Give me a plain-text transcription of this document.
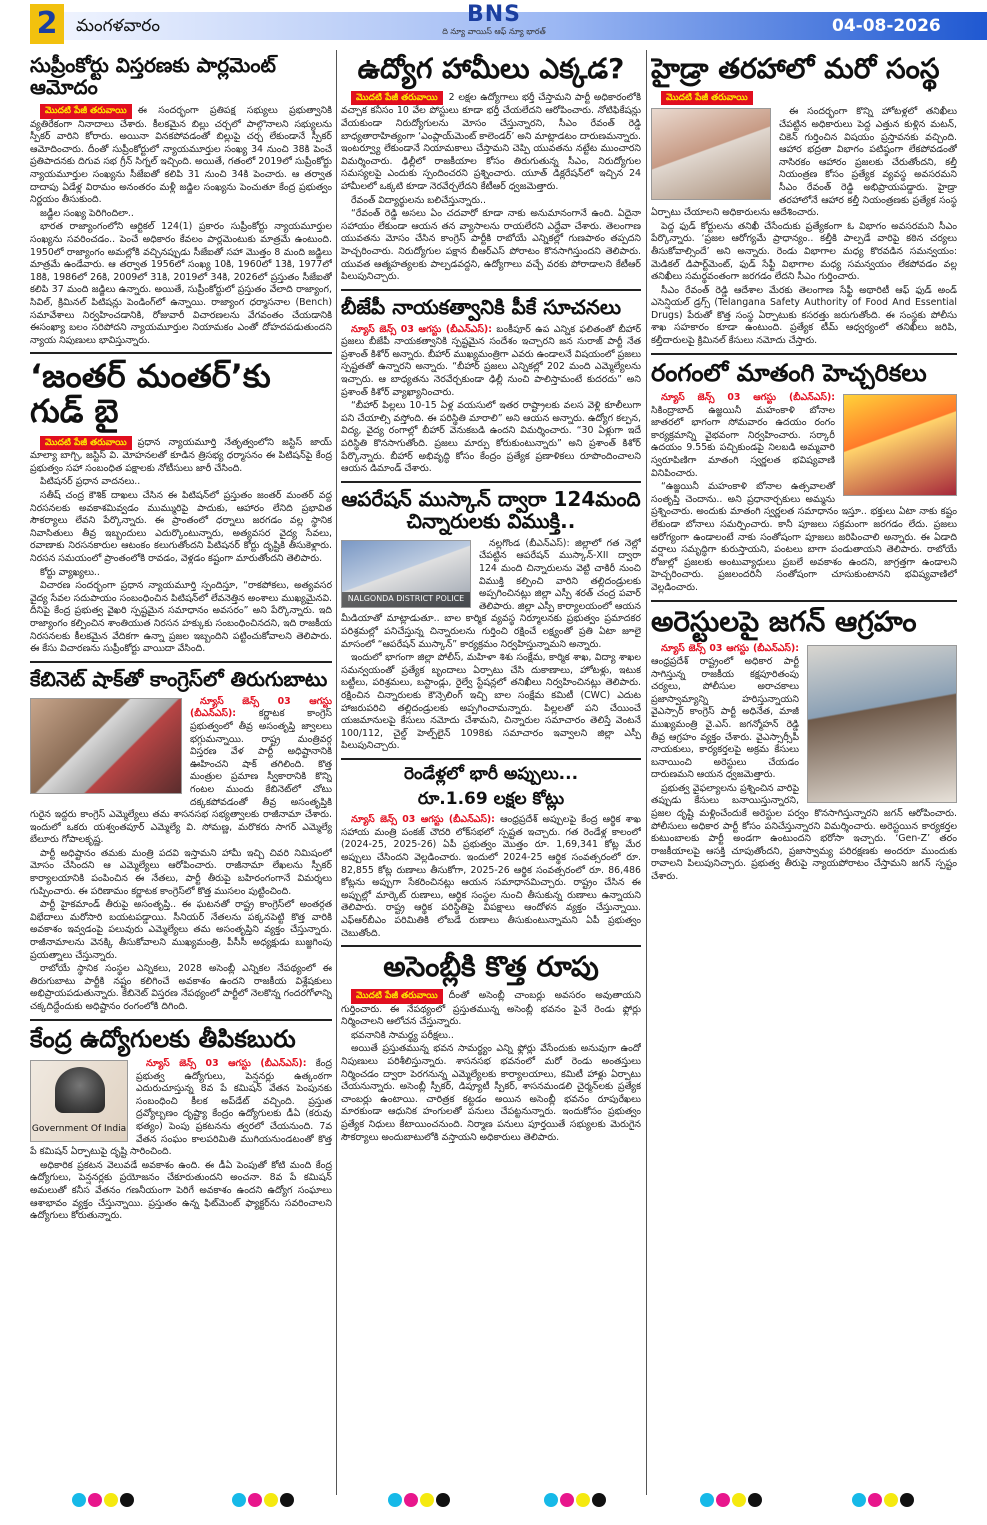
2	మంగళవారం	BNS
ది న్యూ వాయిస్ ఆఫ్ న్యూ భారత్	04-08-2026
సుప్రీంకోర్టు విస్తరణకు పార్లమెంట్ ఆమోదం

మొదటి పేజీ తరువాయి ఈ సందర్భంగా ప్రతిపక్ష సభ్యులు ప్రభుత్వానికి వ్యతిరేకంగా నినాదాలు చేశారు. కీలకమైన బిల్లు చర్చలో పాల్గొనాలని సభ్యులను స్పీకర్ వారిని కోరారు. అయినా వినకపోవడంతో బిల్లుపై చర్చ లేకుండానే స్పీకర్ ఆమోదించారు. దీంతో సుప్రీంకోర్టులో న్యాయమూర్తుల సంఖ్య 34 నుంచి 38కి పెంచే ప్రతిపాదనకు దిగువ సభ గ్రీన్ సిగ్నల్ ఇచ్చింది. అయితే, గతంలో 2019లో సుప్రీంకోర్టు న్యాయమూర్తుల సంఖ్యను సీజేఐతో కలిపి 31 నుంచి 34కి పెంచారు. ఆ తర్వాత దాదాపు ఏడేళ్ల విరామం అనంతరం మళ్లీ జడ్జిల సంఖ్యను పెంచుతూ కేంద్ర ప్రభుత్వం నిర్ణయం తీసుకుంది.

జడ్జీల సంఖ్య పెరిగిందిలా..

భారత రాజ్యాంగంలోని ఆర్టికల్ 124(1) ప్రకారం సుప్రీంకోర్టు న్యాయమూర్తుల సంఖ్యను సవరించడం.. పెంచే అధికారం కేవలం పార్లమెంటుకు మాత్రమే ఉంటుంది. 1950లో రాజ్యాంగం అమల్లోకి వచ్చినప్పుడు సీజేఐతో సహా మొత్తం 8 మంది జడ్జిలు మాత్రమే ఉండేవారు. ఆ తర్వాత 1956లో సంఖ్య 10కి, 1960లో 13కి, 1977లో 18కి, 1986లో 26కి, 2009లో 31కి, 2019లో 34కి, 2026లో ప్రస్తుతం సీజేఐతో కలిపి 37 మంది జడ్జిలు ఉన్నారు. అయితే, సుప్రీంకోర్టులో ప్రస్తుతం వేలాది రాజ్యాంగ, సివిల్, క్రిమినల్ పిటిషన్లు పెండింగ్‌లో ఉన్నాయి. రాజ్యాంగ ధర్మాసనాల (Bench) సమావేశాలు నిర్వహించడానికి, రోజువారీ విచారణలను వేగవంతం చేయడానికి ఈసంఖ్యా బలం సరిపోదని న్యాయమూర్తుల నియామకం ఎంతో దోహదపడుతుందని న్యాయ నిపుణులు భావిస్తున్నారు.

‘జంతర్ మంతర్’కు గుడ్ బై

మొదటి పేజీ తరువాయి ప్రధాన న్యాయమూర్తి నేతృత్వంలోని జస్టిస్ జాయ్ మాల్యా బాగ్చి, జస్టిస్ వి. మోహనలతో కూడిన త్రిసభ్య ధర్మాసనం ఈ పిటిషన్‌పై కేంద్ర ప్రభుత్వం సహా సంబంధిత పక్షాలకు నోటీసులు జారీ చేసింది.

పిటిషనర్ ప్రధాన వాదనలు..

సతీష్ చంద్ర కౌశిక్ దాఖలు చేసిన ఈ పిటిషన్‌లో ప్రస్తుతం జంతర్ మంతర్ వద్ద నిరసనలకు అవకాశమివ్వడం ముమ్మురిపై పాదుకు, ఆహారం లేనిది ప్రభావిత సౌకర్యాలు లేవని పేర్కొన్నారు. ఈ ప్రాంతంలో ధర్నాలు జరగడం వల్ల స్థానిక నివాసితులు తీవ్ర ఇబ్బందులు ఎదుర్కొంటున్నారు, అత్యవసర వైద్య సేవలు, రవాణాకు నిరసనకారుల ఆటంకం కలుగుతోందని పిటిషనర్ కోర్టు దృష్టికి తీసుకెళ్లారు. నిరసన సమయంలో ప్రాంతంలోకి రావడం, వెళ్లడం కష్టంగా మారుతోందని తెలిపారు.

కోర్టు వ్యాఖ్యలు..

విచారణ సందర్భంగా ప్రధాన న్యాయమూర్తి స్పందిస్తూ, “రాకపోకలు, అత్యవసర వైద్య సేవల సదుపాయం సంబంధించిన పిటిషన్‌లో లేవనెత్తిన అంశాలు ముఖ్యమైనవి. దీనిపై కేంద్ర ప్రభుత్వ వైఖరి స్పష్టమైన సమాధానం అవసరం” అని పేర్కొన్నారు. ఇది రాజ్యాంగం కల్పించిన శాంతియుత నిరసన హక్కుకు సంబంధించినదని, ఇది రాజకీయ నిరసనలకు కీలకమైన వేదికగా ఉన్నా ప్రజల ఇబ్బందిని పట్టించుకోవాలని తెలిపారు. ఈ కేసు విచారణను సుప్రీంకోర్టు వాయిదా వేసింది.

కేబినెట్ షాక్‌తో కాంగ్రెస్‌లో తిరుగుబాటు

న్యూస్ జెన్స్ 03 ఆగస్టు (బీఎన్ఎస్): కర్ణాటక కాంగ్రెస్ ప్రభుత్వంలో తీవ్ర అసంతృప్తి జ్వాలలు భగ్గుమన్నాయి. రాష్ట్ర మంత్రివర్గ విస్తరణ వేళ పార్టీ అధిష్టానానికి ఊహించని షాక్ తగిలింది. కొత్త మంత్రుల ప్రమాణ స్వీకారానికి కొన్ని గంటల ముందు కేబినెట్‌లో చోటు దక్కకపోవడంతో తీవ్ర అసంతృప్తికి గురైన ఇద్దరు కాంగ్రెస్ ఎమ్మెల్యేలు తమ శాసనసభ సభ్యత్వాలకు రాజీనామా చేశారు. ఇందులో ఒకరు యశ్వంతపూర్ ఎమ్మెల్యే వి. సోమణ్ణ, మరొకరు సాగర్ ఎమ్మెల్యే బేలూరు గోపాలకృష్ణ.

పార్టీ అధిష్టానం తమకు మంత్రి పదవి ఇస్తామని హామీ ఇచ్చి చివరి నిమిషంలో మోసం చేసిందని ఆ ఎమ్మెల్యేలు ఆరోపించారు. రాజీనామా లేఖలను స్పీకర్ కార్యాలయానికి పంపించిన ఈ నేతలు, పార్టీ తీరుపై బహిరంగంగానే విమర్శలు గుప్పించారు. ఈ పరిణామం కర్ణాటక కాంగ్రెస్‌లో కొత్త ముసలం పుట్టించింది.

పార్టీ హైకమాండ్ తీరుపై అసంతృప్తి.. ఈ ఘటనతో రాష్ట్ర కాంగ్రెస్‌లో అంతర్గత విభేదాలు మరోసారి బయటపడ్డాయి. సీనియర్ నేతలను పక్కనపెట్టి కొత్త వారికి అవకాశం ఇవ్వడంపై పలువురు ఎమ్మెల్యేలు తమ అసంతృప్తిని వ్యక్తం చేస్తున్నారు. రాజీనామాలను వెనక్కి తీసుకోవాలని ముఖ్యమంత్రి, పీసీసీ అధ్యక్షుడు బుజ్జగింపు ప్రయత్నాలు చేస్తున్నారు.

రాబోయే స్థానిక సంస్థల ఎన్నికలు, 2028 అసెంబ్లీ ఎన్నికల నేపథ్యంలో ఈ తిరుగుబాటు పార్టీకి నష్టం కలిగించే అవకాశం ఉందని రాజకీయ విశ్లేషకులు అభిప్రాయపడుతున్నారు. కేబినెట్ విస్తరణ నేపథ్యంలో పార్టీలో నెలకొన్న గందరగోళాన్ని చక్కదిద్దేందుకు అధిష్టానం రంగంలోకి దిగింది.

కేంద్ర ఉద్యోగులకు తీపికబురు
Government Of India

న్యూస్ జెన్స్ 03 ఆగస్టు (బీఎన్ఎస్): కేంద్ర ప్రభుత్వ ఉద్యోగులు, పెన్షనర్లు ఉత్కంఠగా ఎదురుచూస్తున్న 8వ పే కమిషన్ వేతన పెంపునకు సంబంధించి కీలక అప్‌డేట్ వచ్చింది. ప్రస్తుత ద్రవ్యోల్బణం దృష్ట్యా కేంద్రం ఉద్యోగులకు డీఏ (కరువు భత్యం) పెంపు ప్రకటనను త్వరలో చేయనుంది. 7వ వేతన సంఘం కాలపరిమితి ముగియనుండటంతో కొత్త పే కమిషన్ ఏర్పాటుపై దృష్టి సారించింది.

అధికారిక ప్రకటన వెలువడే అవకాశం ఉంది. ఈ డీఏ పెంపుతో కోటి మంది కేంద్ర ఉద్యోగులు, పెన్షనర్లకు ప్రయోజనం చేకూరుతుందని అంచనా. 8వ పే కమిషన్ అమలుతో కనీస వేతనం గణనీయంగా పెరిగే అవకాశం ఉందని ఉద్యోగ సంఘాలు ఆశాభావం వ్యక్తం చేస్తున్నాయి. ప్రస్తుతం ఉన్న ఫిట్‌మెంట్ ఫ్యాక్టర్‌ను సవరించాలని ఉద్యోగులు కోరుతున్నారు.

ఉద్యోగ హామీలు ఎక్కడ?

మొదటి పేజీ తరువాయి 2 లక్షల ఉద్యోగాలు భర్తీ చేస్తామని పార్టీ అధికారంలోకి వచ్చాక కనీసం 10 వేల పోస్టులు కూడా భర్తీ చేయలేదని ఆరోపించారు. నోటిఫికేషన్లు వేయకుండా నిరుద్యోగులను మోసం చేస్తున్నారని, సీఎం రేవంత్ రెడ్డి బాధ్యతారాహిత్యంగా ‘ఎంప్లాయ్‌మెంట్ కాలెండర్’ అని మాట్లాడటం దారుణమన్నారు. ఇంటర్వ్యూ లేకుండానే నియామకాలు చేస్తామని చెప్పి యువతను నట్టేట ముంచారని విమర్శించారు. ఢిల్లీలో రాజకీయాల కోసం తిరుగుతున్న సీఎం, నిరుద్యోగుల సమస్యలపై ఎందుకు స్పందించరని ప్రశ్నించారు. యూత్ డిక్లరేషన్‌లో ఇచ్చిన 24 హామీలలో ఒక్కటి కూడా నెరవేర్చలేదని కేటీఆర్ ధ్వజమెత్తారు.

రేవంత్ విద్యార్థులను బలిచేస్తున్నారు..

“రేవంత్ రెడ్డి అసలు ఏం చదవారో కూడా నాకు అనుమానంగానే ఉంది. ఏదైనా సహాయం లేకుండా ఆయన తన వ్యాసాలను రాయలేరని ఎద్దేవా చేశారు. తెలంగాణ యువతను మోసం చేసిన కాంగ్రెస్ పార్టీకి రాబోయే ఎన్నికల్లో గుణపాఠం తప్పదని హెచ్చరించారు. నిరుద్యోగుల పక్షాన బీఆర్ఎస్ పోరాటం కొనసాగిస్తుందని తెలిపారు. యువత ఆత్మహత్యలకు పాల్పడవద్దని, ఉద్యోగాలు వచ్చే వరకు పోరాడాలని కేటీఆర్ పిలుపునిచ్చారు.

బీజేపీ నాయకత్వానికి పీకే సూచనలు

న్యూస్ జెన్స్ 03 ఆగస్టు (బీఎన్ఎస్): బంకీపూర్ ఉప ఎన్నిక ఫలితంతో బీహార్ ప్రజలు బీజేపీ నాయకత్వానికి స్పష్టమైన సందేశం ఇచ్చారని జన సురాజ్ పార్టీ నేత ప్రశాంత్ కిశోర్ అన్నారు. బీహార్ ముఖ్యమంత్రిగా ఎవరు ఉండాలనే విషయంలో ప్రజలు స్పష్టతతో ఉన్నారని అన్నారు. “బీహార్ ప్రజలు ఎన్నికల్లో 202 మంది ఎమ్మెల్యేలను ఇచ్చారు. ఆ బాధ్యతను నెరవేర్చకుండా ఢిల్లీ నుంచి పాలిస్తామంటే కుదరదు” అని ప్రశాంత్ కిశోర్ వ్యాఖ్యానించారు.

“బీహార్ పిల్లలు 10-15 ఏళ్ల వయసులో ఇతర రాష్ట్రాలకు వలస వెళ్లి కూలీలుగా పని చేయాల్సి వస్తోంది. ఈ పరిస్థితి మారాలి” అని ఆయన అన్నారు. ఉద్యోగ కల్పన, విద్య, వైద్య రంగాల్లో బీహార్ వెనుకబడి ఉందని విమర్శించారు. “30 ఏళ్లుగా ఇదే పరిస్థితి కొనసాగుతోంది. ప్రజలు మార్పు కోరుకుంటున్నారు” అని ప్రశాంత్ కిశోర్ పేర్కొన్నారు. బీహార్ అభివృద్ధి కోసం కేంద్రం ప్రత్యేక ప్రణాళికలు రూపొందించాలని ఆయన డిమాండ్ చేశారు.

ఆపరేషన్ ముస్కాన్ ద్వారా 124మంది చిన్నారులకు విముక్తి..
NALGONDA DISTRICT POLICE

నల్లగొండ (బీఎన్ఎస్): జిల్లాలో గత నెల్లో చేపట్టిన ఆపరేషన్ ముస్కాన్-XII ద్వారా 124 మంది చిన్నారులను వెట్టి చాకిరీ నుంచి విముక్తి కల్పించి వారిని తల్లిదండ్రులకు అప్పగించినట్లు జిల్లా ఎస్పీ శరత్ చంద్ర పవార్ తెలిపారు. జిల్లా ఎస్పీ కార్యాలయంలో ఆయన మీడియాతో మాట్లాడుతూ.. బాల కార్మిక వ్యవస్థ నిర్మూలనకు ప్రభుత్వం ప్రమాదకర పరిశ్రమల్లో పనిచేస్తున్న చిన్నారులను గుర్తించి రక్షించే లక్ష్యంతో ప్రతి ఏటా జూలై మాసంలో “ఆపరేషన్ ముస్కాన్” కార్యక్రమం నిర్వహిస్తున్నామని అన్నారు.

ఇందులో భాగంగా జిల్లా పోలీస్, మహిళా శిశు సంక్షేమ, కార్మిక శాఖ, విద్యా శాఖల సమన్వయంతో ప్రత్యేక బృందాలు ఏర్పాటు చేసి దుకాణాలు, హోటళ్లు, ఇటుక బట్టీలు, పరిశ్రమలు, బస్టాండ్లు, రైల్వే స్టేషన్లలో తనిఖీలు నిర్వహించినట్లు తెలిపారు. రక్షించిన చిన్నారులకు కౌన్సెలింగ్ ఇచ్చి బాల సంక్షేమ కమిటీ (CWC) ఎదుట హాజరుపరిచి తల్లిదండ్రులకు అప్పగించామన్నారు. పిల్లలతో పని చేయించే యజమానులపై కేసులు నమోదు చేశామని, చిన్నారుల సమాచారం తెలిస్తే వెంటనే 100/112, చైల్డ్ హెల్ప్‌లైన్ 1098కు సమాచారం ఇవ్వాలని జిల్లా ఎస్పీ పిలుపునిచ్చారు.

రెండేళ్లలో భారీ అప్పులు...
రూ.1.69 లక్షల కోట్లు

న్యూస్ జెన్స్ 03 ఆగస్టు (బీఎన్ఎస్): ఆంధ్రప్రదేశ్ అప్పులపై కేంద్ర ఆర్థిక శాఖ సహాయ మంత్రి పంకజ్ చౌదరి లోక్‌సభలో స్పష్టత ఇచ్చారు. గత రెండేళ్ల కాలంలో (2024-25, 2025-26) ఏపీ ప్రభుత్వం మొత్తం రూ. 1,69,341 కోట్ల మేర అప్పులు చేసిందని వెల్లడించారు. ఇందులో 2024-25 ఆర్థిక సంవత్సరంలో రూ. 82,855 కోట్ల రుణాలు తీసుకోగా, 2025-26 ఆర్థిక సంవత్సరంలో రూ. 86,486 కోట్లను అప్పుగా సేకరించినట్లు ఆయన సమాధానమిచ్చారు. రాష్ట్రం చేసిన ఈ అప్పుల్లో మార్కెట్ రుణాలు, ఆర్థిక సంస్థల నుంచి తీసుకున్న రుణాలు ఉన్నాయని తెలిపారు. రాష్ట్ర ఆర్థిక పరిస్థితిపై విపక్షాలు ఆందోళన వ్యక్తం చేస్తున్నాయి. ఎఫ్‌ఆర్‌బీఎం పరిమితికి లోబడే రుణాలు తీసుకుంటున్నామని ఏపీ ప్రభుత్వం చెబుతోంది.

అసెంబ్లీకి కొత్త రూపు

మొదటి పేజీ తరువాయి దీంతో అసెంబ్లీ చాంబర్లు అవసరం అవుతాయని గుర్తించారు. ఈ నేపథ్యంలో ప్రస్తుతమున్న అసెంబ్లీ భవనం పైనే రెండు ఫ్లోర్లు నిర్మించాలని ఆలోచన చేస్తున్నారు.

భవనానికి సామర్థ్య పరీక్షలు..

అయితే ప్రస్తుతమున్న భవన సామర్థ్యం ఎన్ని ఫ్లోర్లు వేసేందుకు అనువుగా ఉందో నిపుణులు పరిశీలిస్తున్నారు. శాసనసభ భవనంలో మరో రెండు అంతస్తులు నిర్మించడం ద్వారా పెరగనున్న ఎమ్మెల్యేలకు కార్యాలయాలు, కమిటీ హాళ్లు ఏర్పాటు చేయనున్నారు. అసెంబ్లీ స్పీకర్, డిప్యూటీ స్పీకర్, శాసనమండలి చైర్మన్‌లకు ప్రత్యేక చాంబర్లు ఉంటాయి. చారిత్రక కట్టడం అయిన అసెంబ్లీ భవనం రూపురేఖలు మారకుండా ఆధునిక హంగులతో పనులు చేపట్టనున్నారు. ఇందుకోసం ప్రభుత్వం ప్రత్యేక నిధులు కేటాయించనుంది. నిర్మాణ పనులు పూర్తయితే సభ్యులకు మెరుగైన సౌకర్యాలు అందుబాటులోకి వస్తాయని అధికారులు తెలిపారు.

హైడ్రా తరహాలో మరో సంస్థ

మొదటి పేజీ తరువాయి

ఈ సందర్భంగా కొన్ని హోటళ్లలో తనిఖీలు చేపట్టిన అధికారులు పెద్ద ఎత్తున కుళ్లిన మటన్, చికెన్ గుర్తించిన విషయం ప్రస్తావనకు వచ్చింది. ఆహార భద్రతా విభాగం పటిష్ఠంగా లేకపోవడంతో నాసిరకం ఆహారం ప్రజలకు చేరుతోందని, కల్తీ నియంత్రణ కోసం ప్రత్యేక వ్యవస్థ అవసరమని సీఎం రేవంత్ రెడ్డి అభిప్రాయపడ్డారు. హైడ్రా తరహాలోనే ఆహార కల్తీ నియంత్రణకు ప్రత్యేక సంస్థ ఏర్పాటు చేయాలని అధికారులను ఆదేశించారు.

పెద్ద ఫుడ్ కోర్టులను తనిఖీ చేసేందుకు ప్రత్యేకంగా ఓ విభాగం అవసరమని సీఎం పేర్కొన్నారు. ‘ప్రజల ఆరోగ్యమే ప్రాధాన్యం.. కల్తీకి పాల్పడే వారిపై కఠిన చర్యలు తీసుకోవాల్సిందే’ అని అన్నారు. రెండు విభాగాల మధ్య కొరవడిన సమన్వయం: మెడికల్ డిపార్ట్‌మెంట్, ఫుడ్ సేఫ్టీ విభాగాల మధ్య సమన్వయం లేకపోవడం వల్ల తనిఖీలు సమర్థవంతంగా జరగడం లేదని సీఎం గుర్తించారు.

సీఎం రేవంత్ రెడ్డి ఆదేశాల మేరకు తెలంగాణ సేఫ్టీ అథారిటీ ఆఫ్ ఫుడ్ అండ్ ఎసెన్షియల్ డ్రగ్స్ (Telangana Safety Authority of Food And Essential Drugs) పేరుతో కొత్త సంస్థ ఏర్పాటుకు కసరత్తు జరుగుతోంది. ఈ సంస్థకు పోలీసు శాఖ సహకారం కూడా ఉంటుంది. ప్రత్యేక టీమ్ ఆధ్వర్యంలో తనిఖీలు జరిపి, కల్తీదారులపై క్రిమినల్ కేసులు నమోదు చేస్తారు.

రంగంలో మాతంగి హెచ్చరికలు

న్యూస్ జెన్స్ 03 ఆగస్టు (బీఎన్ఎస్): సికింద్రాబాద్ ఉజ్జయినీ మహంకాళి బోనాల జాతరలో భాగంగా సోమవారం ఉదయం రంగం కార్యక్రమాన్ని వైభవంగా నిర్వహించారు. సర్కారీ ఉదయం 9.55కు పచ్చికుండపై నిలబడి అమ్మవారి స్వరూపిణిగా మాతంగి స్వర్ణలత భవిష్యవాణి వినిపించారు.

“ఉజ్జయినీ మహంకాళి బోనాల ఉత్సవాలతో సంతృప్తి చెందాను.. అని ప్రధానార్చకులు అమ్మను ప్రశ్నించారు. అందుకు మాతంగి స్వర్ణలత సమాధానం ఇస్తూ.. భక్తులు ఏటా నాకు కష్టం లేకుండా బోనాలు సమర్పించారు. కానీ పూజలు సక్రమంగా జరగడం లేదు. ప్రజలు ఆరోగ్యంగా ఉండాలంటే నాకు సంతోషంగా పూజలు జరిపించాలి అన్నారు. ఈ ఏడాది వర్షాలు సమృద్ధిగా కురుస్తాయని, పంటలు బాగా పండుతాయని తెలిపారు. రాబోయే రోజుల్లో ప్రజలకు అంటువ్యాధులు ప్రబలే అవకాశం ఉందని, జాగ్రత్తగా ఉండాలని హెచ్చరించారు. ప్రజలందరినీ సంతోషంగా చూసుకుంటానని భవిష్యవాణిలో వెల్లడించారు.

అరెస్టులపై జగన్ ఆగ్రహం

న్యూస్ జెన్స్ 03 ఆగస్టు (బీఎన్ఎస్): ఆంధ్రప్రదేశ్ రాష్ట్రంలో అధికార పార్టీ సాగిస్తున్న రాజకీయ కక్షపూరితంపు చర్యలు, పోలీసుల అరాచకాలు ప్రజాస్వామ్యాన్ని హరిస్తున్నాయని వైఎస్సార్ కాంగ్రెస్ పార్టీ అధినేత, మాజీ ముఖ్యమంత్రి వై.ఎస్. జగన్మోహన్ రెడ్డి తీవ్ర ఆగ్రహం వ్యక్తం చేశారు. వైఎస్సార్సీపీ నాయకులు, కార్యకర్తలపై అక్రమ కేసులు బనాయించి అరెస్టులు చేయడం దారుణమని ఆయన ధ్వజమెత్తారు.

ప్రభుత్వ వైఫల్యాలను ప్రశ్నించిన వారిపై తప్పుడు కేసులు బనాయిస్తున్నారని, ప్రజల దృష్టి మళ్లించేందుకే అరెస్టుల పర్వం కొనసాగిస్తున్నారని జగన్ ఆరోపించారు. పోలీసులు అధికార పార్టీ కోసం పనిచేస్తున్నారని విమర్శించారు. అరెస్టయిన కార్యకర్తల కుటుంబాలకు పార్టీ అండగా ఉంటుందని భరోసా ఇచ్చారు. ‘Gen-Z’ తరం రాజకీయాలపై ఆసక్తి చూపుతోందని, ప్రజాస్వామ్య పరిరక్షణకు అందరూ ముందుకు రావాలని పిలుపునిచ్చారు. ప్రభుత్వ తీరుపై న్యాయపోరాటం చేస్తామని జగన్ స్పష్టం చేశారు.
